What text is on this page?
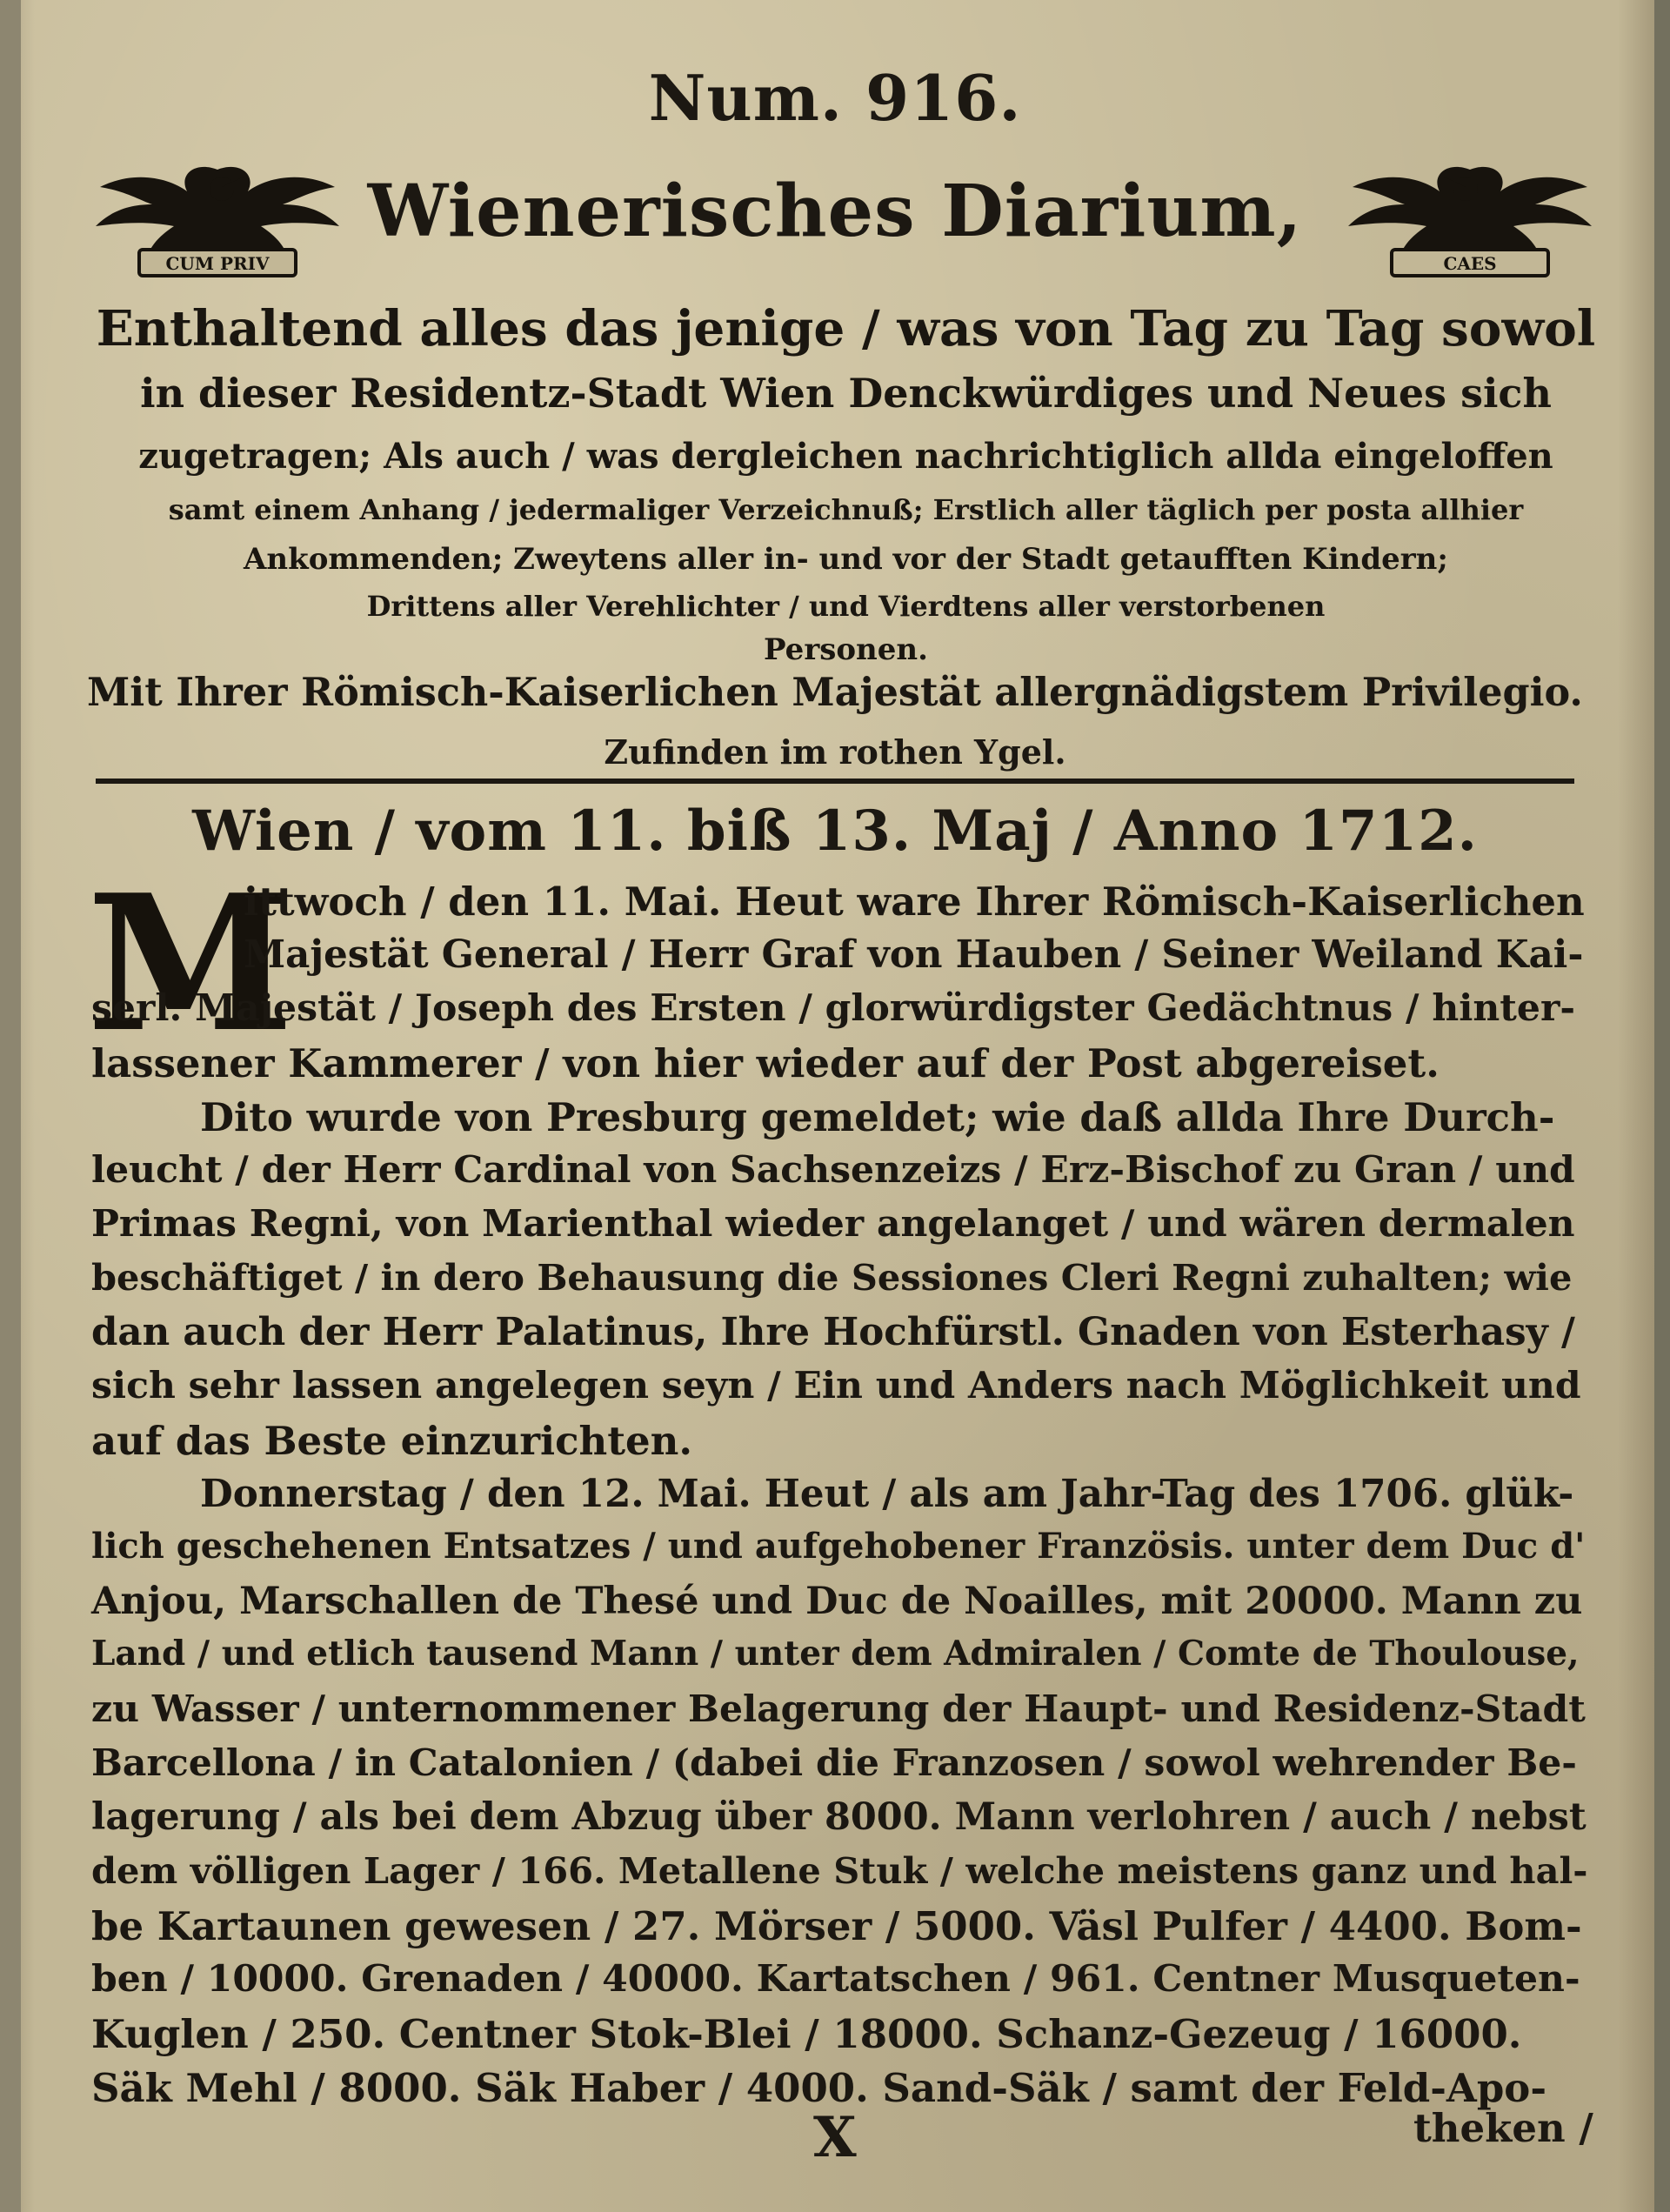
Num. 916.
CUM PRIV
Wienerisches Diarium,
CAES
Enthaltend alles das jenige / was von Tag zu Tag sowol
in dieser Residentz-Stadt Wien Denckwürdiges und Neues sich
zugetragen; Als auch / was dergleichen nachrichtiglich allda eingeloffen
samt einem Anhang / jedermaliger Verzeichnuß; Erstlich aller täglich per posta allhier
Ankommenden; Zweytens aller in- und vor der Stadt getaufften Kindern;
Drittens aller Verehlichter / und Vierdtens aller verstorbenen
Personen.
Mit Ihrer Römisch-Kaiserlichen Majestät allergnädigstem Privilegio.
Zufinden im rothen Ygel.
Wien / vom 11. biß 13. Maj / Anno 1712.
M
ittwoch / den 11. Mai. Heut ware Ihrer Römisch-Kaiserlichen
Majestät General / Herr Graf von Hauben / Seiner Weiland Kai-
serl. Majestät / Joseph des Ersten / glorwürdigster Gedächtnus / hinter-
lassener Kammerer / von hier wieder auf der Post abgereiset.
Dito wurde von Presburg gemeldet; wie daß allda Ihre Durch-
leucht / der Herr Cardinal von Sachsenzeizs / Erz-Bischof zu Gran / und
Primas Regni, von Marienthal wieder angelanget / und wären dermalen
beschäftiget / in dero Behausung die Sessiones Cleri Regni zuhalten; wie
dan auch der Herr Palatinus, Ihre Hochfürstl. Gnaden von Esterhasy /
sich sehr lassen angelegen seyn / Ein und Anders nach Möglichkeit und
auf das Beste einzurichten.
Donnerstag / den 12. Mai. Heut / als am Jahr-Tag des 1706. glük-
lich geschehenen Entsatzes / und aufgehobener Französis. unter dem Duc d'
Anjou, Marschallen de Thesé und Duc de Noailles, mit 20000. Mann zu
Land / und etlich tausend Mann / unter dem Admiralen / Comte de Thoulouse,
zu Wasser / unternommener Belagerung der Haupt- und Residenz-Stadt
Barcellona / in Catalonien / (dabei die Franzosen / sowol wehrender Be-
lagerung / als bei dem Abzug über 8000. Mann verlohren / auch / nebst
dem völligen Lager / 166. Metallene Stuk / welche meistens ganz und hal-
be Kartaunen gewesen / 27. Mörser / 5000. Väsl Pulfer / 4400. Bom-
ben / 10000. Grenaden / 40000. Kartatschen / 961. Centner Musqueten-
Kuglen / 250. Centner Stok-Blei / 18000. Schanz-Gezeug / 16000.
Säk Mehl / 8000. Säk Haber / 4000. Sand-Säk / samt der Feld-Apo-
X	theken /
